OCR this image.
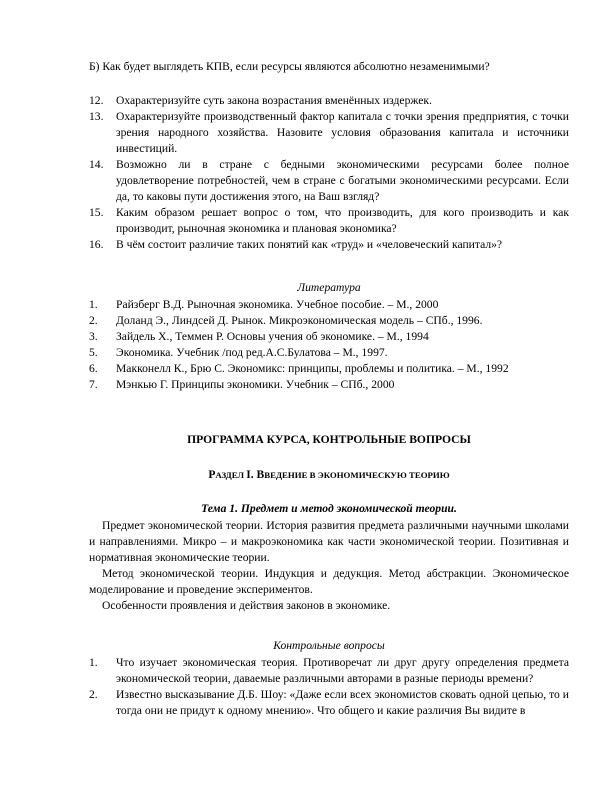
Б) Как будет выглядеть КПВ, если ресурсы являются абсолютно незаменимыми?

12. Охарактеризуйте суть закона возрастания вменённых издержек.
13. Охарактеризуйте производственный фактор капитала с точки зрения предприятия, с точки зрения народного хозяйства. Назовите условия образования капитала и источники инвестиций.
14. Возможно ли в стране с бедными экономическими ресурсами более полное удовлетворение потребностей, чем в стране с богатыми экономическими ресурсами. Если да, то каковы пути достижения этого, на Ваш взгляд?
15. Каким образом решает вопрос о том, что производить, для кого производить и как производит, рыночная экономика и плановая экономика?
16. В чём состоит различие таких понятий как «труд» и «человеческий капитал»?

Литература

1. Райзберг В.Д. Рыночная экономика. Учебное пособие. – М., 2000
2. Доланд Э., Линдсей Д. Рынок. Микроэкономическая модель – СПб., 1996.
3. Зайдель Х., Теммен Р. Основы учения об экономике. – М., 1994
5. Экономика. Учебник /под ред.А.С.Булатова – М., 1997.
6. Макконелл К., Брю С. Экономикс: принципы, проблемы и политика. – М., 1992
7. Мэнкью Г. Принципы экономики. Учебник – СПб., 2000

ПРОГРАММА КУРСА, КОНТРОЛЬНЫЕ ВОПРОСЫ

РАЗДЕЛ I. ВВЕДЕНИЕ В ЭКОНОМИЧЕСКУЮ ТЕОРИЮ

Тема 1. Предмет и метод экономической теории.

Предмет экономической теории. История развития предмета различными научными школами и направлениями. Микро – и макроэкономика как части экономической теории. Позитивная и нормативная экономические теории.

Метод экономической теории. Индукция и дедукция. Метод абстракции. Экономическое моделирование и проведение экспериментов.

Особенности проявления и действия законов в экономике.

Контрольные вопросы

1. Что изучает экономическая теория. Противоречат ли друг другу определения предмета экономической теории, даваемые различными авторами в разные периоды времени?
2. Известно высказывание Д.Б. Шоу: «Даже если всех экономистов сковать одной цепью, то и тогда они не придут к одному мнению». Что общего и какие различия Вы видите в
